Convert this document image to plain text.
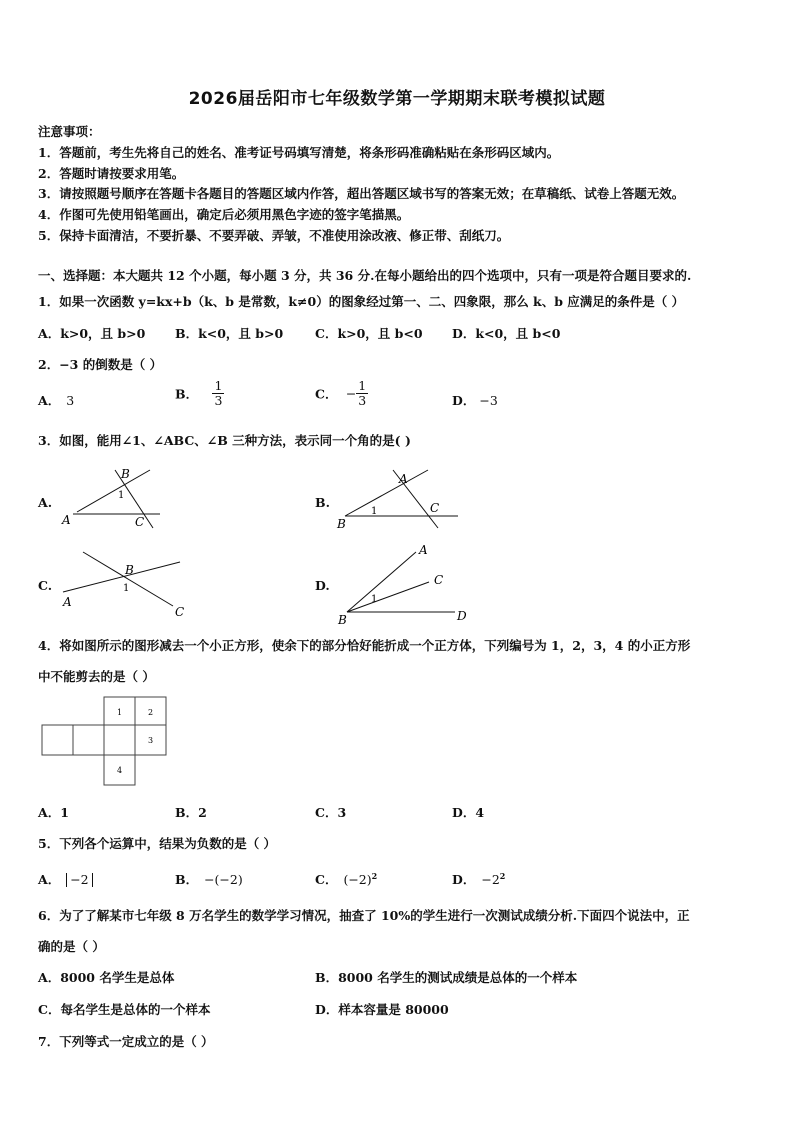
2026届岳阳市七年级数学第一学期期末联考模拟试题
注意事项：
1．答题前，考生先将自己的姓名、准考证号码填写清楚，将条形码准确粘贴在条形码区域内。
2．答题时请按要求用笔。
3．请按照题号顺序在答题卡各题目的答题区域内作答，超出答题区域书写的答案无效；在草稿纸、试卷上答题无效。
4．作图可先使用铅笔画出，确定后必须用黑色字迹的签字笔描黑。
5．保持卡面清洁，不要折暴、不要弄破、弄皱，不准使用涂改液、修正带、刮纸刀。
一、选择题：本大题共 12 个小题，每小题 3 分，共 36 分.在每小题给出的四个选项中，只有一项是符合题目要求的.
1．如果一次函数 y=kx+b（k、b 是常数，k≠0）的图象经过第一、二、四象限，那么 k、b 应满足的条件是（ ）
A．k>0，且 b>0 B．k<0，且 b>0	C．k>0，且 b<0 D．k<0，且 b<0
2．−3 的倒数是（ ）
A． 3	B． $\frac{1}{3}$	C． − $\frac{1}{3}$	D． −3
3．如图，能用∠1、∠ABC、∠B 三种方法，表示同一个角的是( )
A.	B.
C.	D.
A
B
C
1
B
A
C
1
A
B
C
1
B
A
C
D
1
4．将如图所示的图形减去一个小正方形，使余下的部分恰好能折成一个正方体，下列编号为 1，2，3，4 的小正方形
中不能剪去的是（ ）
1	2
3
4
A．1	B．2	C．3	D．4
5．下列各个运算中，结果为负数的是（ ）
A． −2	B． −(−2)	C． $(-2)^2$	D． $-2^2$
6．为了了解某市七年级 8 万名学生的数学学习情况，抽查了 10%的学生进行一次测试成绩分析.下面四个说法中，正
确的是（ ）
A．8000 名学生是总体	B．8000 名学生的测试成绩是总体的一个样本
C．每名学生是总体的一个样本	D．样本容量是 80000
7．下列等式一定成立的是（ ）
